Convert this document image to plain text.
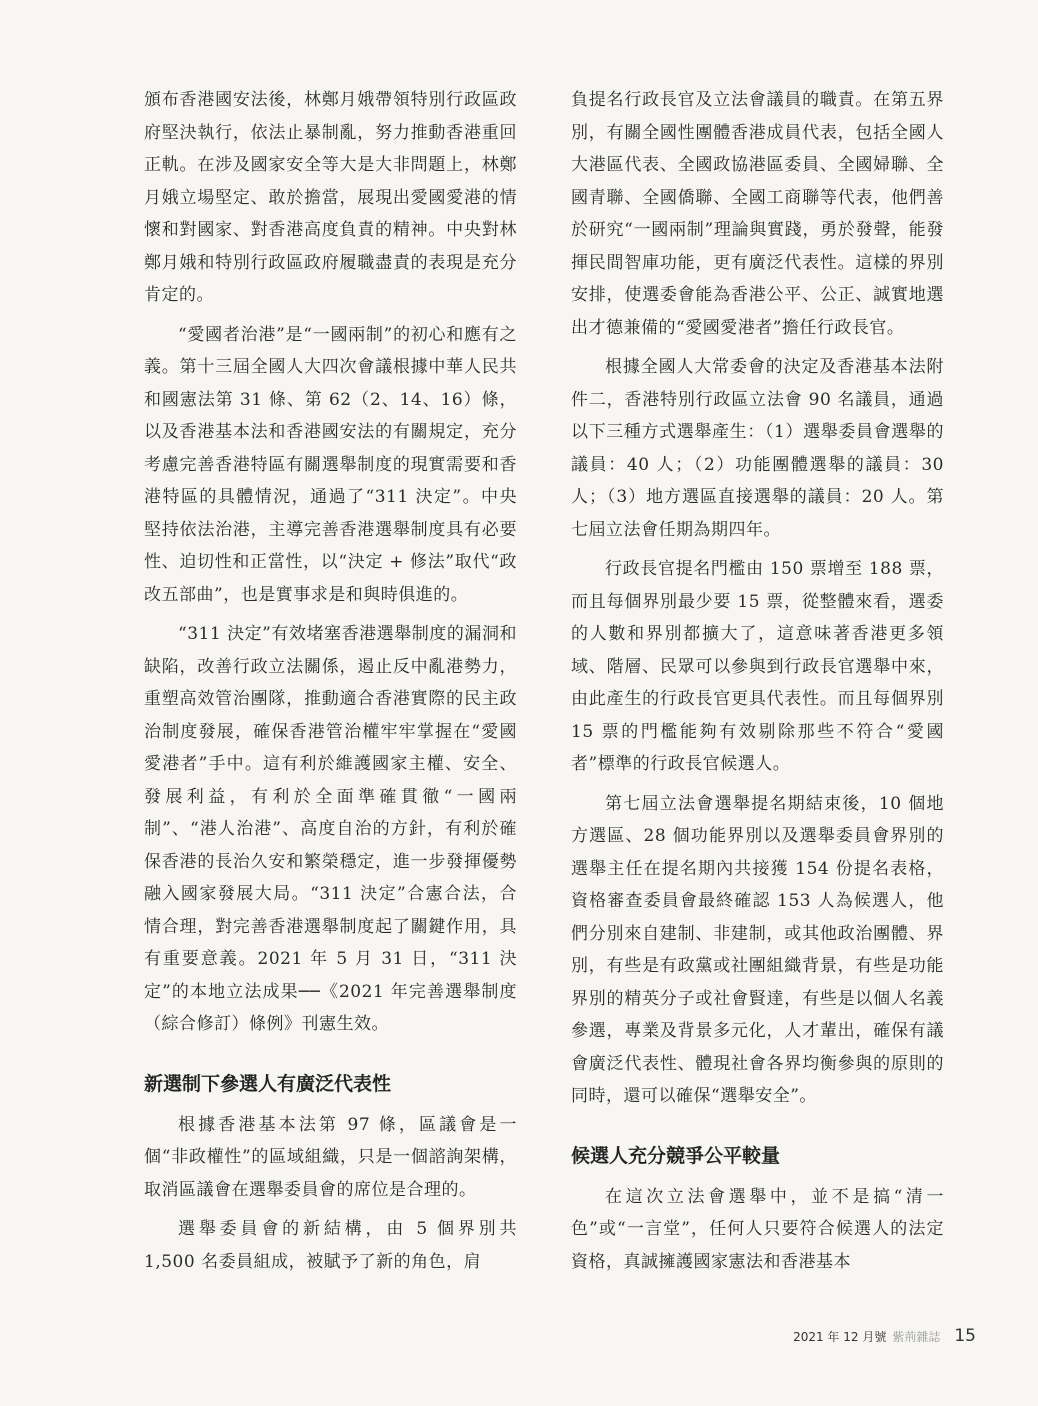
頒布香港國安法後，林鄭月娥帶領特別行政區政府堅決執行，依法止暴制亂，努力推動香港重回正軌。在涉及國家安全等大是大非問題上，林鄭月娥立場堅定、敢於擔當，展現出愛國愛港的情懷和對國家、對香港高度負責的精神。中央對林鄭月娥和特別行政區政府履職盡責的表現是充分肯定的。

“愛國者治港”是“一國兩制”的初心和應有之義。第十三屆全國人大四次會議根據中華人民共和國憲法第 31 條、第 62（2、14、16）條，以及香港基本法和香港國安法的有關規定，充分考慮完善香港特區有關選舉制度的現實需要和香港特區的具體情況，通過了“311 決定”。中央堅持依法治港，主導完善香港選舉制度具有必要性、迫切性和正當性，以“決定 + 修法”取代“政改五部曲”，也是實事求是和與時俱進的。

“311 決定”有效堵塞香港選舉制度的漏洞和缺陷，改善行政立法關係，遏止反中亂港勢力，重塑高效管治團隊，推動適合香港實際的民主政治制度發展，確保香港管治權牢牢掌握在“愛國愛港者”手中。這有利於維護國家主權、安全、發展利益，有利於全面準確貫徹“一國兩制”、“港人治港”、高度自治的方針，有利於確保香港的長治久安和繁榮穩定，進一步發揮優勢融入國家發展大局。“311 決定”合憲合法，合情合理，對完善香港選舉制度起了關鍵作用，具有重要意義。2021 年 5 月 31 日，“311 決定”的本地立法成果──《2021 年完善選舉制度（綜合修訂）條例》刊憲生效。

新選制下參選人有廣泛代表性

根據香港基本法第 97 條，區議會是一個“非政權性”的區域組織，只是一個諮詢架構，取消區議會在選舉委員會的席位是合理的。

選舉委員會的新結構，由 5 個界別共 1,500 名委員組成，被賦予了新的角色，肩

負提名行政長官及立法會議員的職責。在第五界別，有關全國性團體香港成員代表，包括全國人大港區代表、全國政協港區委員、全國婦聯、全國青聯、全國僑聯、全國工商聯等代表，他們善於研究“一國兩制”理論與實踐，勇於發聲，能發揮民間智庫功能，更有廣泛代表性。這樣的界別安排，使選委會能為香港公平、公正、誠實地選出才德兼備的“愛國愛港者”擔任行政長官。

根據全國人大常委會的決定及香港基本法附件二，香港特別行政區立法會 90 名議員，通過以下三種方式選舉產生：（1）選舉委員會選舉的議員：40 人；（2）功能團體選舉的議員：30 人；（3）地方選區直接選舉的議員：20 人。第七屆立法會任期為期四年。

行政長官提名門檻由 150 票增至 188 票，而且每個界別最少要 15 票，從整體來看，選委的人數和界別都擴大了，這意味著香港更多領域、階層、民眾可以參與到行政長官選舉中來，由此產生的行政長官更具代表性。而且每個界別 15 票的門檻能夠有效剔除那些不符合“愛國者”標準的行政長官候選人。

第七屆立法會選舉提名期結束後，10 個地方選區、28 個功能界別以及選舉委員會界別的選舉主任在提名期內共接獲 154 份提名表格，資格審查委員會最終確認 153 人為候選人，他們分別來自建制、非建制，或其他政治團體、界別，有些是有政黨或社團組織背景，有些是功能界別的精英分子或社會賢達，有些是以個人名義參選，專業及背景多元化，人才輩出，確保有議會廣泛代表性、體現社會各界均衡參與的原則的同時，還可以確保“選舉安全”。

候選人充分競爭公平較量

在這次立法會選舉中，並不是搞“清一色”或“一言堂”，任何人只要符合候選人的法定資格，真誠擁護國家憲法和香港基本

2021 年 12 月號 紫荊雜誌 15
